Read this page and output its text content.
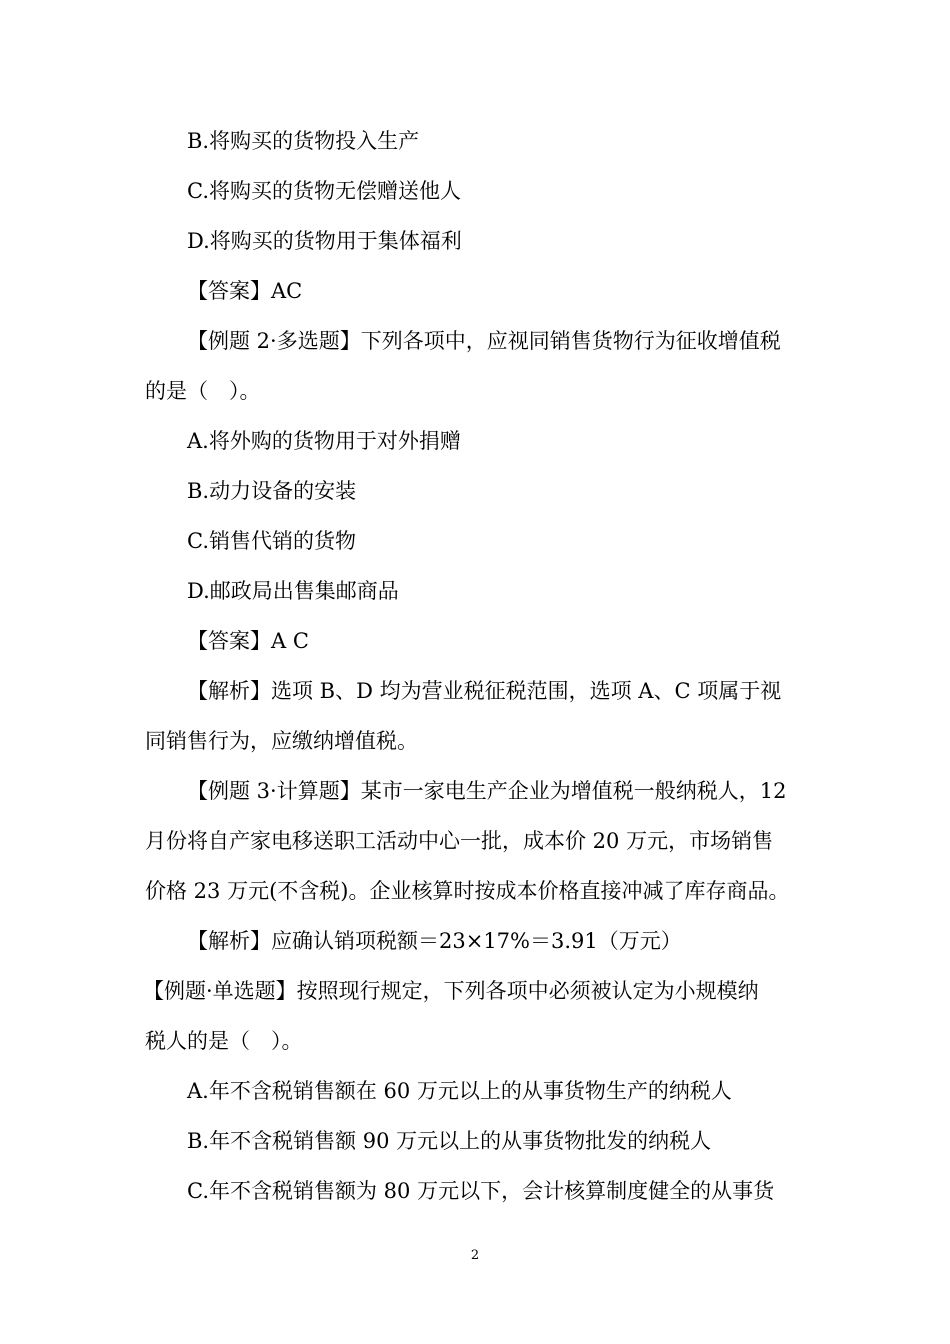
B.将购买的货物投入生产
C.将购买的货物无偿赠送他人
D.将购买的货物用于集体福利
【答案】AC
【例题 2·多选题】下列各项中，应视同销售货物行为征收增值税
的是（　）。
A.将外购的货物用于对外捐赠
B.动力设备的安装
C.销售代销的货物
D.邮政局出售集邮商品
【答案】A C
【解析】选项 B、D 均为营业税征税范围，选项 A、C 项属于视
同销售行为，应缴纳增值税。
【例题 3·计算题】某市一家电生产企业为增值税一般纳税人，12
月份将自产家电移送职工活动中心一批，成本价 20 万元，市场销售
价格 23 万元(不含税)。企业核算时按成本价格直接冲减了库存商品。
【解析】应确认销项税额＝23×17%＝3.91（万元）
【例题·单选题】按照现行规定，下列各项中必须被认定为小规模纳
税人的是（　）。
A.年不含税销售额在 60 万元以上的从事货物生产的纳税人
B.年不含税销售额 90 万元以上的从事货物批发的纳税人
C.年不含税销售额为 80 万元以下，会计核算制度健全的从事货
2
